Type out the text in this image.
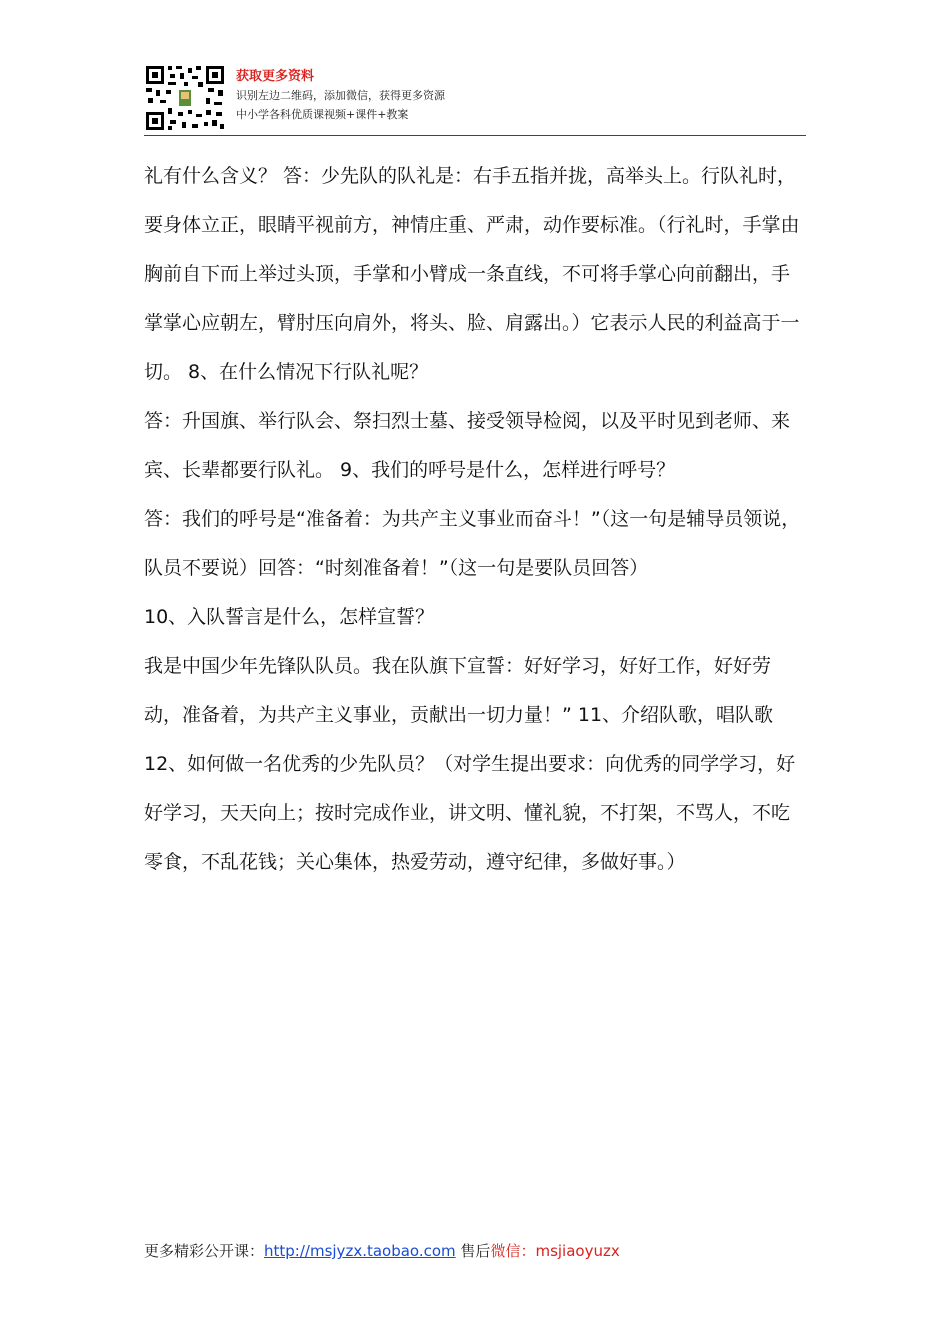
获取更多资料
识别左边二维码，添加微信，获得更多资源
中小学各科优质课视频+课件+教案

礼有什么含义？ 答：少先队的队礼是：右手五指并拢，高举头上。行队礼时，要身体立正，眼睛平视前方，神情庄重、严肃，动作要标准。（行礼时，手掌由胸前自下而上举过头顶，手掌和小臂成一条直线，不可将手掌心向前翻出，手掌掌心应朝左，臂肘压向肩外，将头、脸、肩露出。）它表示人民的利益高于一切。 8、在什么情况下行队礼呢？

答：升国旗、举行队会、祭扫烈士墓、接受领导检阅，以及平时见到老师、来宾、长辈都要行队礼。 9、我们的呼号是什么，怎样进行呼号？

答：我们的呼号是“准备着：为共产主义事业而奋斗！”（这一句是辅导员领说，队员不要说）回答：“时刻准备着！”（这一句是要队员回答）

10、入队誓言是什么，怎样宣誓？

我是中国少年先锋队队员。我在队旗下宣誓：好好学习，好好工作，好好劳动，准备着，为共产主义事业，贡献出一切力量！” 11、介绍队歌，唱队歌

12、如何做一名优秀的少先队员？（对学生提出要求：向优秀的同学学习，好好学习，天天向上；按时完成作业，讲文明、懂礼貌，不打架，不骂人，不吃零食，不乱花钱；关心集体，热爱劳动，遵守纪律，多做好事。）

更多精彩公开课：http://msjyzx.taobao.com 售后微信：msjiaoyuzx
